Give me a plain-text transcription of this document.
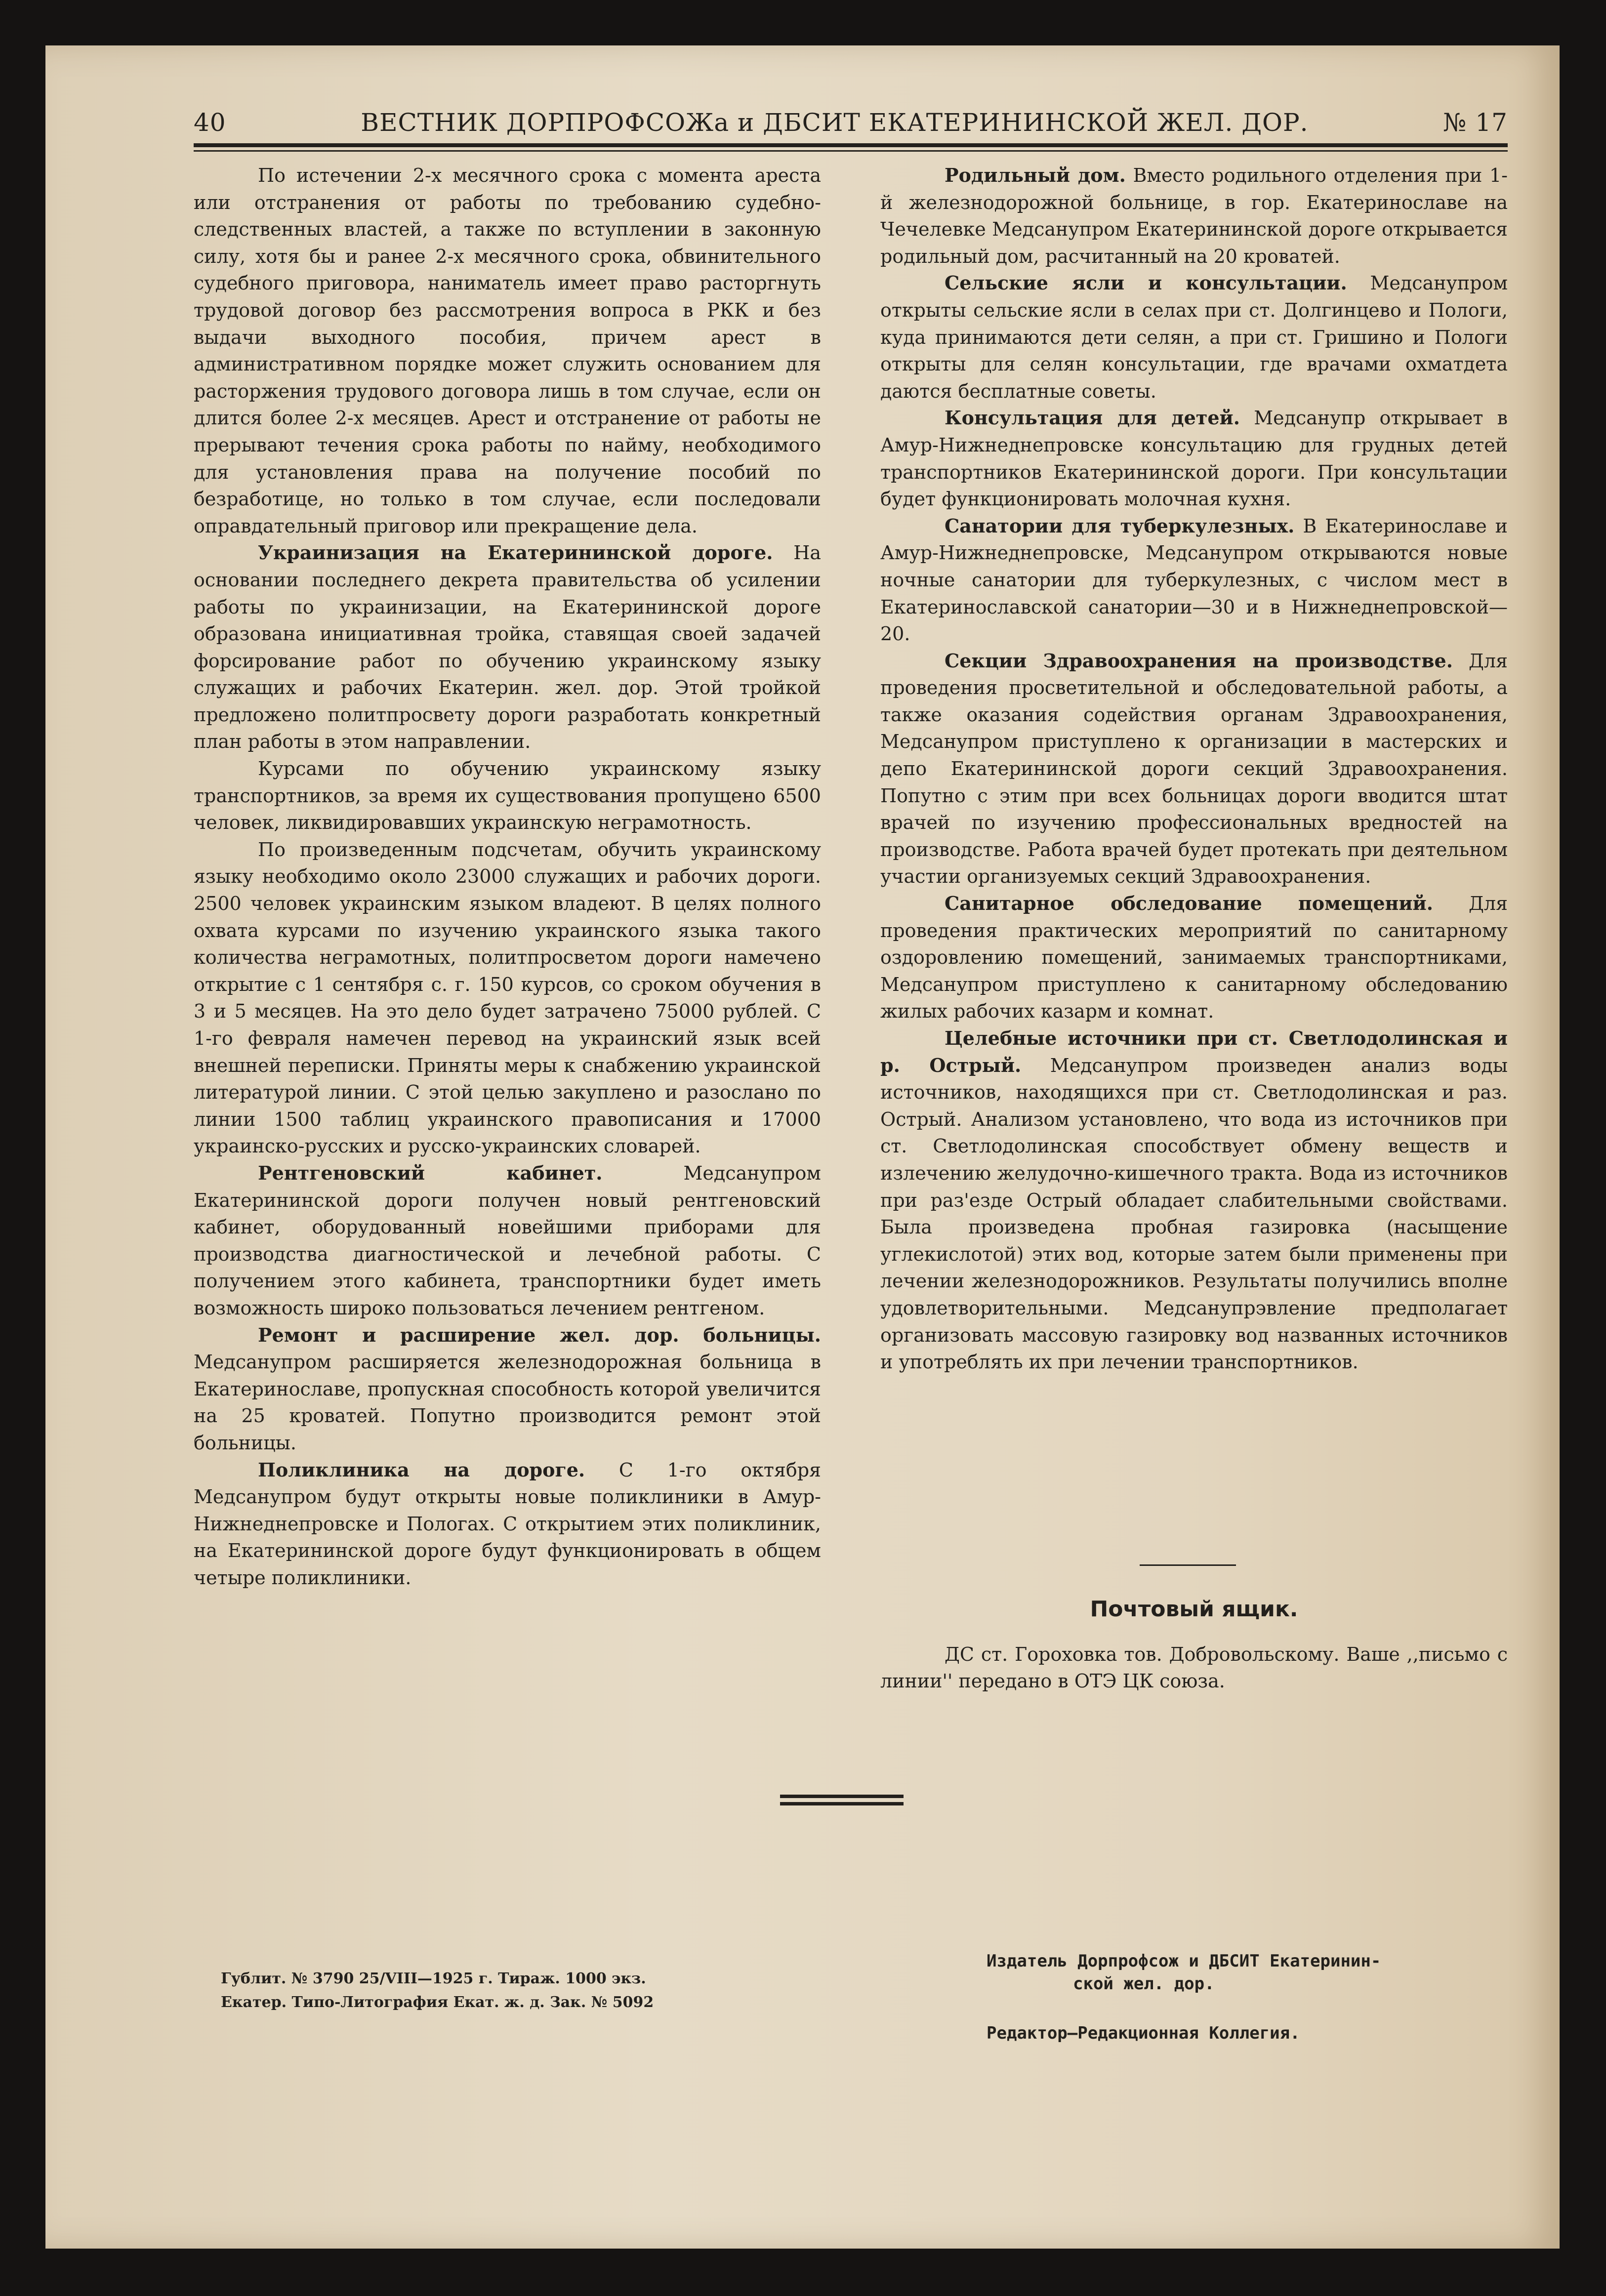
40	ВЕСТНИК ДОРПРОФСОЖа и ДБСИТ ЕКАТЕРИНИНСКОЙ ЖЕЛ. ДОР.	№ 17

По истечении 2-х месячного срока с момента ареста или отстранения от работы по требованию судебно-следственных властей, а также по вступлении в законную силу, хотя бы и ранее 2-х месячного срока, обвинительного судебного приговора, наниматель имеет право расторгнуть трудовой договор без рассмотрения вопроса в РКК и без выдачи выходного пособия, причем арест в административном порядке может служить основанием для расторжения трудового договора лишь в том случае, если он длится более 2-х месяцев. Арест и отстранение от работы не прерывают течения срока работы по найму, необходимого для установления права на получение пособий по безработице, но только в том случае, если последовали оправдательный приговор или прекращение дела.

Украинизация на Екатерининской дороге. На основании последнего декрета правительства об усилении работы по украинизации, на Екатерининской дороге образована инициативная тройка, ставящая своей задачей форсирование работ по обучению украинскому языку служащих и рабочих Екатерин. жел. дор. Этой тройкой предложено политпросвету дороги разработать конкретный план работы в этом направлении.

Курсами по обучению украинскому языку транспортников, за время их существования пропущено 6500 человек, ликвидировавших украинскую неграмотность.

По произведенным подсчетам, обучить украинскому языку необходимо около 23000 служащих и рабочих дороги. 2500 человек украинским языком владеют. В целях полного охвата курсами по изучению украинского языка такого количества неграмотных, политпросветом дороги намечено открытие с 1 сентября с. г. 150 курсов, со сроком обучения в 3 и 5 месяцев. На это дело будет затрачено 75000 рублей. С 1-го февраля намечен перевод на украинский язык всей внешней переписки. Приняты меры к снабжению украинской литературой линии. С этой целью закуплено и разослано по линии 1500 таблиц украинского правописания и 17000 украинско-русских и русско-украинских словарей.

Рентгеновский кабинет. Медсанупром Екатерининской дороги получен новый рентгеновский кабинет, оборудованный новейшими приборами для производства диагностической и лечебной работы. С получением этого кабинета, транспортники будет иметь возможность широко пользоваться лечением рентгеном.

Ремонт и расширение жел. дор. больницы. Медсанупром расширяется железнодорожная больница в Екатеринославе, пропускная способность которой увеличится на 25 кроватей. Попутно производится ремонт этой больницы.

Поликлиника на дороге. С 1-го октября Медсанупром будут открыты новые поликлиники в Амур-Нижнеднепровске и Пологах. С открытием этих поликлиник, на Екатерининской дороге будут функционировать в общем четыре поликлиники.

Родильный дом. Вместо родильного отделения при 1-й железнодорожной больнице, в гор. Екатеринославе на Чечелевке Медсанупром Екатерининской дороге открывается родильный дом, расчитанный на 20 кроватей.

Сельские ясли и консультации. Медсанупром открыты сельские ясли в селах при ст. Долгинцево и Пологи, куда принимаются дети селян, а при ст. Гришино и Пологи открыты для селян консультации, где врачами охматдета даются бесплатные советы.

Консультация для детей. Медсанупр открывает в Амур-Нижнеднепровске консультацию для грудных детей транспортников Екатерининской дороги. При консультации будет функционировать молочная кухня.

Санатории для туберкулезных. В Екатеринославе и Амур-Нижнеднепровске, Медсанупром открываются новые ночные санатории для туберкулезных, с числом мест в Екатеринославской санатории—30 и в Нижнеднепровской—20.

Секции Здравоохранения на производстве. Для проведения просветительной и обследовательной работы, а также оказания содействия органам Здравоохранения, Медсанупром приступлено к организации в мастерских и депо Екатерининской дороги секций Здравоохранения. Попутно с этим при всех больницах дороги вводится штат врачей по изучению профессиональных вредностей на производстве. Работа врачей будет протекать при деятельном участии организуемых секций Здравоохранения.

Санитарное обследование помещений. Для проведения практических мероприятий по санитарному оздоровлению помещений, занимаемых транспортниками, Медсанупром приступлено к санитарному обследованию жилых рабочих казарм и комнат.

Целебные источники при ст. Светлодолинская и р. Острый. Медсанупром произведен анализ воды источников, находящихся при ст. Светлодолинская и раз. Острый. Анализом установлено, что вода из источников при ст. Светлодолинская способствует обмену веществ и излечению желудочно-кишечного тракта. Вода из источников при раз'езде Острый обладает слабительными свойствами. Была произведена пробная газировка (насыщение углекислотой) этих вод, которые затем были применены при лечении железнодорожников. Результаты получились вполне удовлетворительными. Медсанупрэвление предполагает организовать массовую газировку вод названных источников и употреблять их при лечении транспортников.

Почтовый ящик.

ДС ст. Гороховка тов. Добровольскому. Ваше ,,письмо с линии'' передано в ОТЭ ЦК союза.

Гублит. № 3790 25/VIII—1925 г. Тираж. 1000 экз.
Екатер. Типо-Литография Екат. ж. д. Зак. № 5092
Издатель Дорпрофсож и ДБСИТ Екатеринин-
ской жел. дор.
Редактор—Редакционная Коллегия.
